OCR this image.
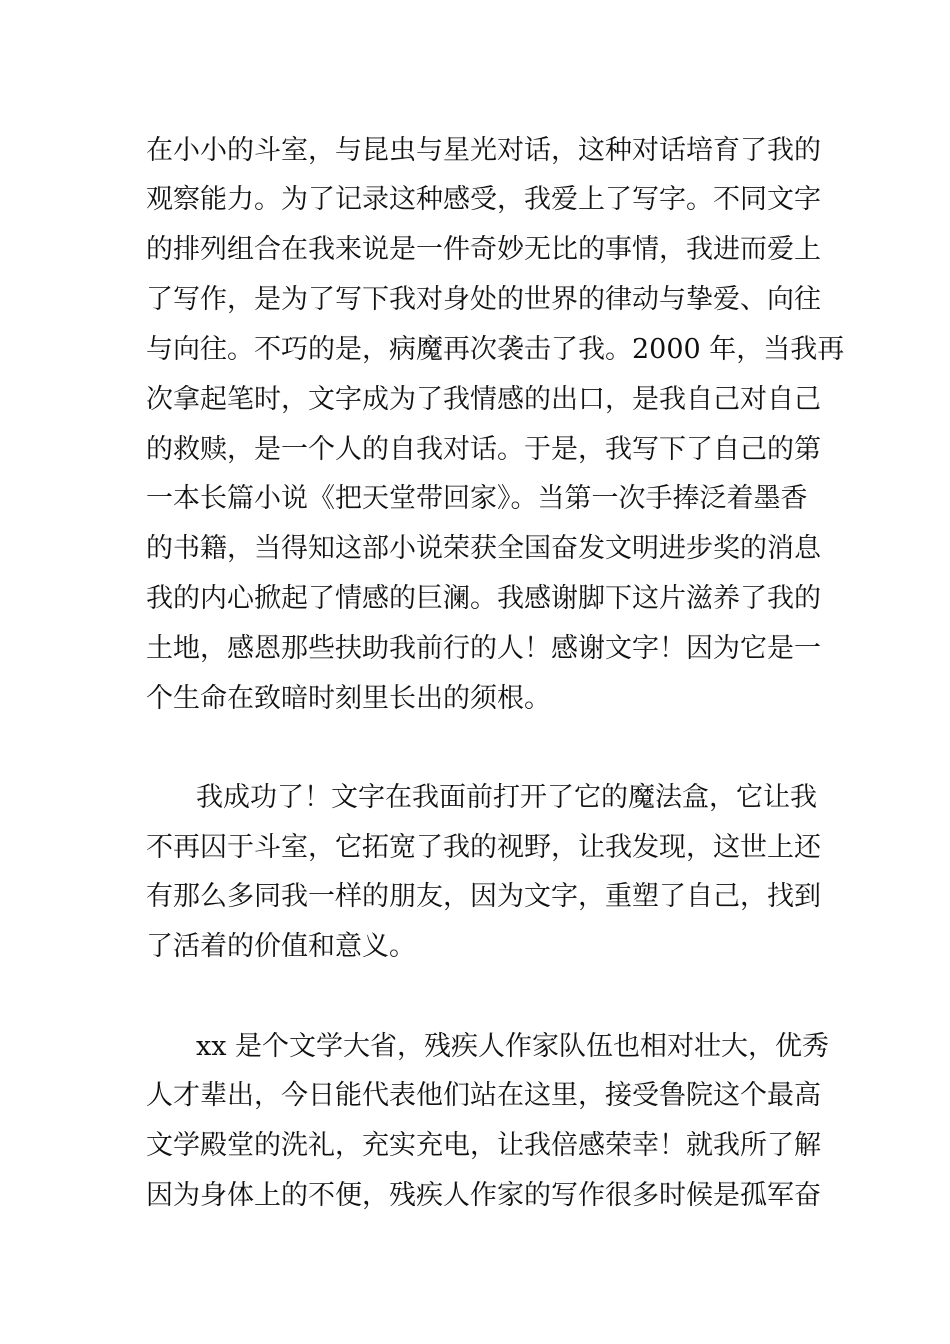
在小小的斗室，与昆虫与星光对话，这种对话培育了我的
观察能力。为了记录这种感受，我爱上了写字。不同文字
的排列组合在我来说是一件奇妙无比的事情，我进而爱上
了写作，是为了写下我对身处的世界的律动与挚爱、向往
与向往。不巧的是，病魔再次袭击了我。2000 年，当我再
次拿起笔时，文字成为了我情感的出口，是我自己对自己
的救赎，是一个人的自我对话。于是，我写下了自己的第
一本长篇小说《把天堂带回家》。当第一次手捧泛着墨香
的书籍，当得知这部小说荣获全国奋发文明进步奖的消息
我的内心掀起了情感的巨澜。我感谢脚下这片滋养了我的
土地，感恩那些扶助我前行的人！感谢文字！因为它是一
个生命在致暗时刻里长出的须根。
我成功了！文字在我面前打开了它的魔法盒，它让我
不再囚于斗室，它拓宽了我的视野，让我发现，这世上还
有那么多同我一样的朋友，因为文字，重塑了自己，找到
了活着的价值和意义。
xx 是个文学大省，残疾人作家队伍也相对壮大，优秀
人才辈出，今日能代表他们站在这里，接受鲁院这个最高
文学殿堂的洗礼，充实充电，让我倍感荣幸！就我所了解
因为身体上的不便，残疾人作家的写作很多时候是孤军奋
